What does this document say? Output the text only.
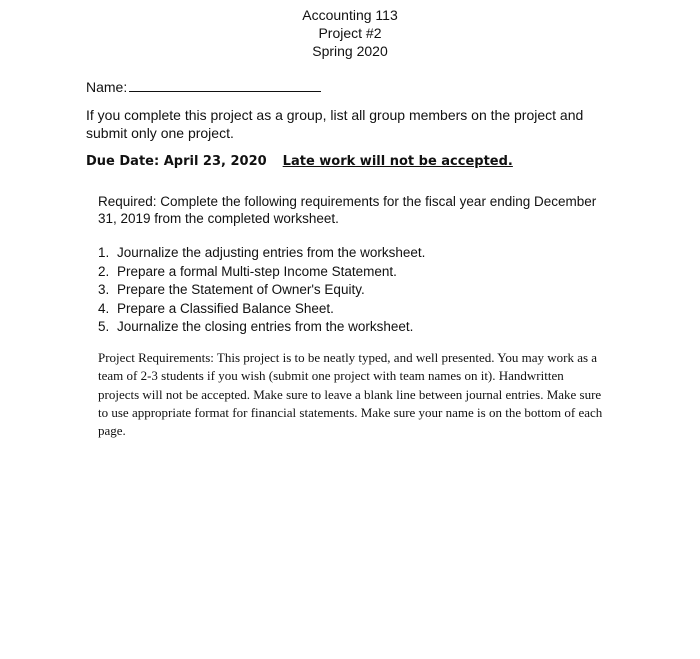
Accounting 113
Project #2
Spring 2020
Name:
If you complete this project as a group, list all group members on the project and submit only one project.
Due Date: April 23, 2020 Late work will not be accepted.
Required: Complete the following requirements for the fiscal year ending December 31, 2019 from the completed worksheet.
1. Journalize the adjusting entries from the worksheet.
2. Prepare a formal Multi-step Income Statement.
3. Prepare the Statement of Owner's Equity.
4. Prepare a Classified Balance Sheet.
5. Journalize the closing entries from the worksheet.
Project Requirements: This project is to be neatly typed, and well presented. You may work as a team of 2-3 students if you wish (submit one project with team names on it). Handwritten projects will not be accepted. Make sure to leave a blank line between journal entries. Make sure to use appropriate format for financial statements. Make sure your name is on the bottom of each page.
